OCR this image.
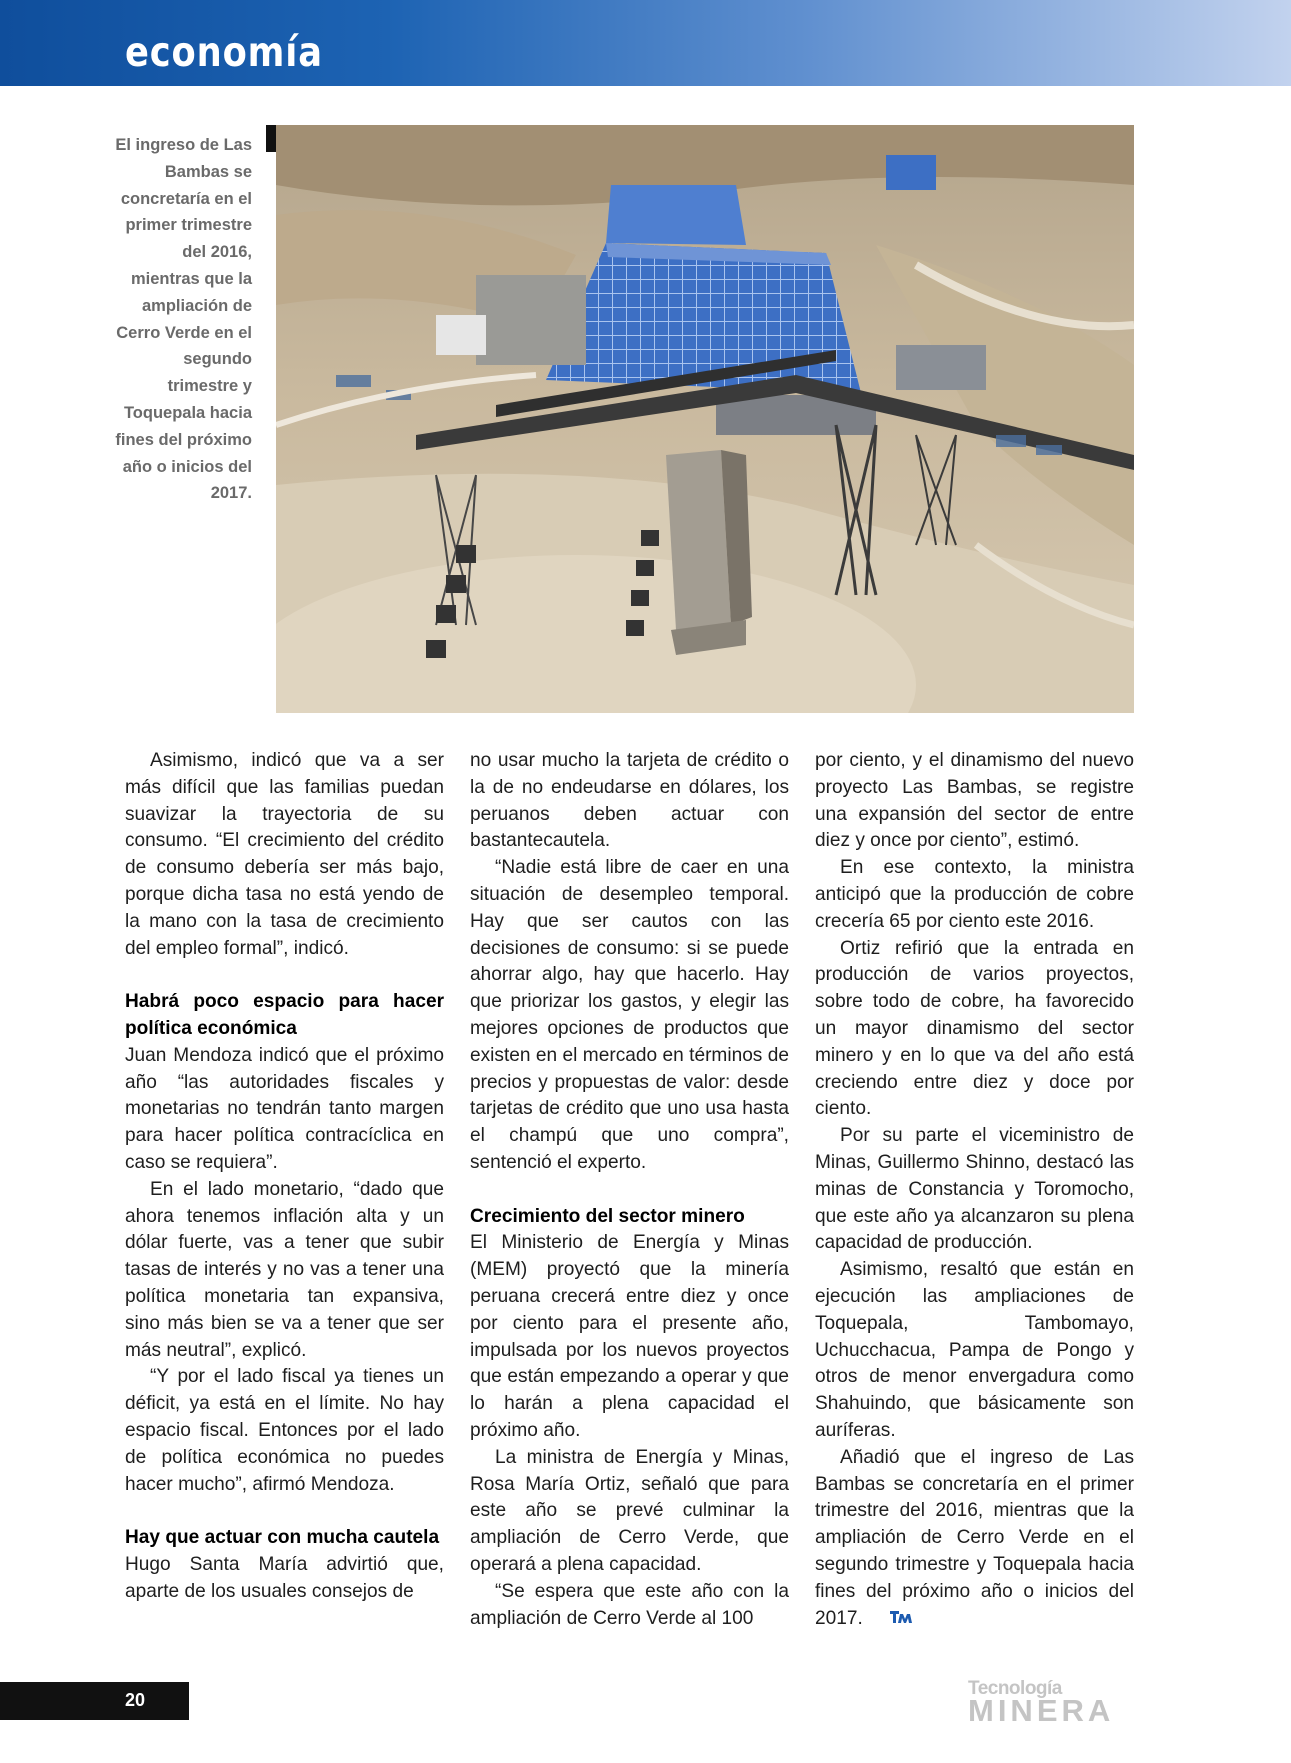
economía
El ingreso de Las Bambas se concretaría en el primer trimestre del 2016, mientras que la ampliación de Cerro Verde en el segundo trimestre y Toquepala hacia fines del próximo año o inicios del 2017.

Asimismo, indicó que va a ser más difícil que las familias puedan suavizar la trayectoria de su consumo. “El crecimiento del crédito de consumo debería ser más bajo, porque dicha tasa no está yendo de la mano con la tasa de crecimiento del empleo formal”, indicó.

Habrá poco espacio para hacer política económica

Juan Mendoza indicó que el próximo año “las autoridades fiscales y monetarias no tendrán tanto margen para hacer política contracíclica en caso se requiera”.

En el lado monetario, “dado que ahora tenemos inflación alta y un dólar fuerte, vas a tener que subir tasas de interés y no vas a tener una política monetaria tan expansiva, sino más bien se va a tener que ser más neutral”, explicó.

“Y por el lado fiscal ya tienes un déficit, ya está en el límite. No hay espacio fiscal. Entonces por el lado de política económica no puedes hacer mucho”, afirmó Mendoza.

Hay que actuar con mucha cautela

Hugo Santa María advirtió que, aparte de los usuales consejos de

no usar mucho la tarjeta de crédito o la de no endeudarse en dólares, los peruanos deben actuar con bastantecautela.

“Nadie está libre de caer en una situación de desempleo temporal. Hay que ser cautos con las decisiones de consumo: si se puede ahorrar algo, hay que hacerlo. Hay que priorizar los gastos, y elegir las mejores opciones de productos que existen en el mercado en términos de precios y propuestas de valor: desde tarjetas de crédito que uno usa hasta el champú que uno compra”, sentenció el experto.

Crecimiento del sector minero

El Ministerio de Energía y Minas (MEM) proyectó que la minería peruana crecerá entre diez y once por ciento para el presente año, impulsada por los nuevos proyectos que están empezando a operar y que lo harán a plena capacidad el próximo año.

La ministra de Energía y Minas, Rosa María Ortiz, señaló que para este año se prevé culminar la ampliación de Cerro Verde, que operará a plena capacidad.

“Se espera que este año con la ampliación de Cerro Verde al 100

por ciento, y el dinamismo del nuevo proyecto Las Bambas, se registre una expansión del sector de entre diez y once por ciento”, estimó.

En ese contexto, la ministra anticipó que la producción de cobre crecería 65 por ciento este 2016.

Ortiz refirió que la entrada en producción de varios proyectos, sobre todo de cobre, ha favorecido un mayor dinamismo del sector minero y en lo que va del año está creciendo entre diez y doce por ciento.

Por su parte el viceministro de Minas, Guillermo Shinno, destacó las minas de Constancia y Toromocho, que este año ya alcanzaron su plena capacidad de producción.

Asimismo, resaltó que están en ejecución las ampliaciones de Toquepala, Tambomayo, Uchucchacua, Pampa de Pongo y otros de menor envergadura como Shahuindo, que básicamente son auríferas.

Añadió que el ingreso de Las Bambas se concretaría en el primer trimestre del 2016, mientras que la ampliación de Cerro Verde en el segundo trimestre y Toquepala hacia fines del próximo año o inicios del 2017.

20
Tecnología
MINERA
